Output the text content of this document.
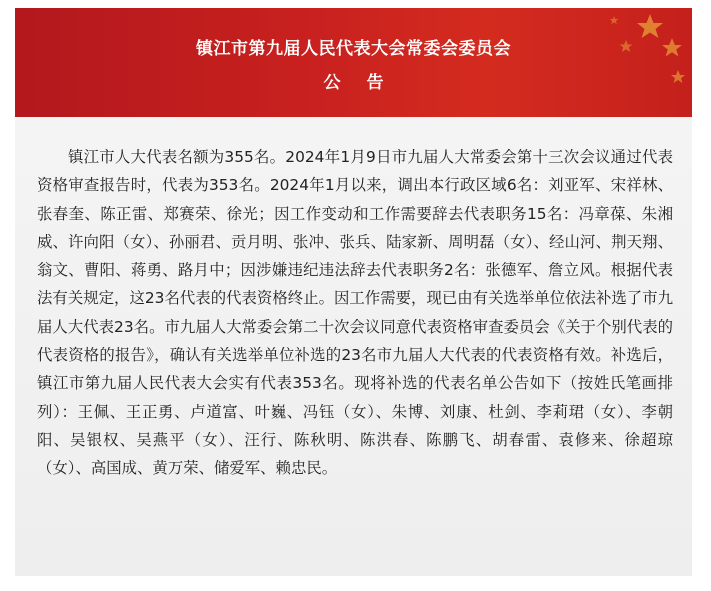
镇江市第九届人民代表大会常委会委员会
公 告

镇江市人大代表名额为355名。2024年1月9日市九届人大常委会第十三次会议通过代表资格审查报告时，代表为353名。2024年1月以来，调出本行政区域6名：刘亚军、宋祥林、张春奎、陈正雷、郑赛荣、徐光；因工作变动和工作需要辞去代表职务15名：冯章葆、朱湘威、许向阳（女）、孙丽君、贡月明、张冲、张兵、陆家新、周明磊（女）、经山河、荆天翔、翁文、曹阳、蒋勇、路月中；因涉嫌违纪违法辞去代表职务2名：张德军、詹立风。根据代表法有关规定，这23名代表的代表资格终止。因工作需要，现已由有关选举单位依法补选了市九届人大代表23名。市九届人大常委会第二十次会议同意代表资格审查委员会《关于个别代表的代表资格的报告》，确认有关选举单位补选的23名市九届人大代表的代表资格有效。补选后，镇江市第九届人民代表大会实有代表353名。现将补选的代表名单公告如下（按姓氏笔画排列）：王佩、王正勇、卢道富、叶巍、冯钰（女）、朱博、刘康、杜剑、李莉珺（女）、李朝阳、吴银权、吴燕平（女）、汪行、陈秋明、陈洪春、陈鹏飞、胡春雷、袁修来、徐超琼（女）、高国成、黄万荣、储爱军、赖忠民。
